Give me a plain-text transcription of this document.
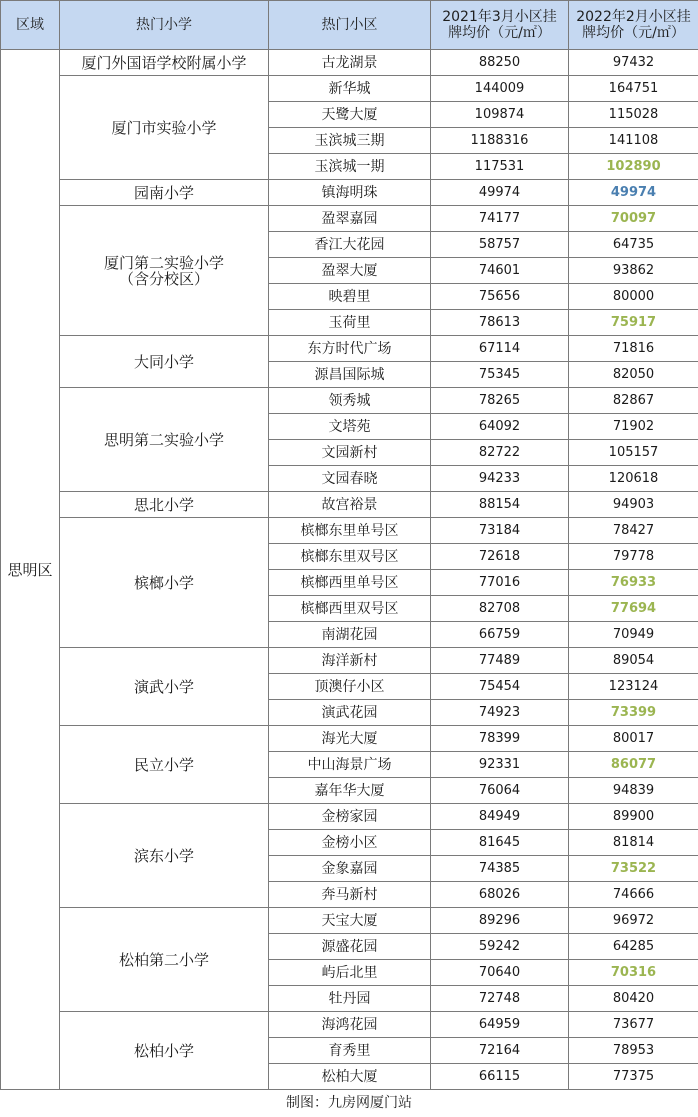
区域	热门小学	热门小区	2021年3月小区挂
牌均价（元/㎡）	2022年2月小区挂
牌均价（元/㎡）

思明区	厦门外国语学校附属小学	古龙湖景	88250	97432

	厦门市实验小学	新华城	144009	164751
		天鹭大厦	109874	115028
		玉滨城三期	1188316	141108
		玉滨城一期	117531	102890

	园南小学	镇海明珠	49974	49974

	厦门第二实验小学
（含分校区）	盈翠嘉园	74177	70097
		香江大花园	58757	64735
		盈翠大厦	74601	93862
		映碧里	75656	80000
		玉荷里	78613	75917

	大同小学	东方时代广场	67114	71816
		源昌国际城	75345	82050

	思明第二实验小学	领秀城	78265	82867
		文塔苑	64092	71902
		文园新村	82722	105157
		文园春晓	94233	120618

	思北小学	故宫裕景	88154	94903

	槟榔小学	槟榔东里单号区	73184	78427
		槟榔东里双号区	72618	79778
		槟榔西里单号区	77016	76933
		槟榔西里双号区	82708	77694
		南湖花园	66759	70949

	演武小学	海洋新村	77489	89054
		顶澳仔小区	75454	123124
		演武花园	74923	73399

	民立小学	海光大厦	78399	80017
		中山海景广场	92331	86077
		嘉年华大厦	76064	94839

	滨东小学	金榜家园	84949	89900
		金榜小区	81645	81814
		金象嘉园	74385	73522
		奔马新村	68026	74666

	松柏第二小学	天宝大厦	89296	96972
		源盛花园	59242	64285
		屿后北里	70640	70316
		牡丹园	72748	80420

	松柏小学	海鸿花园	64959	73677
		育秀里	72164	78953
		松柏大厦	66115	77375
制图：九房网厦门站
